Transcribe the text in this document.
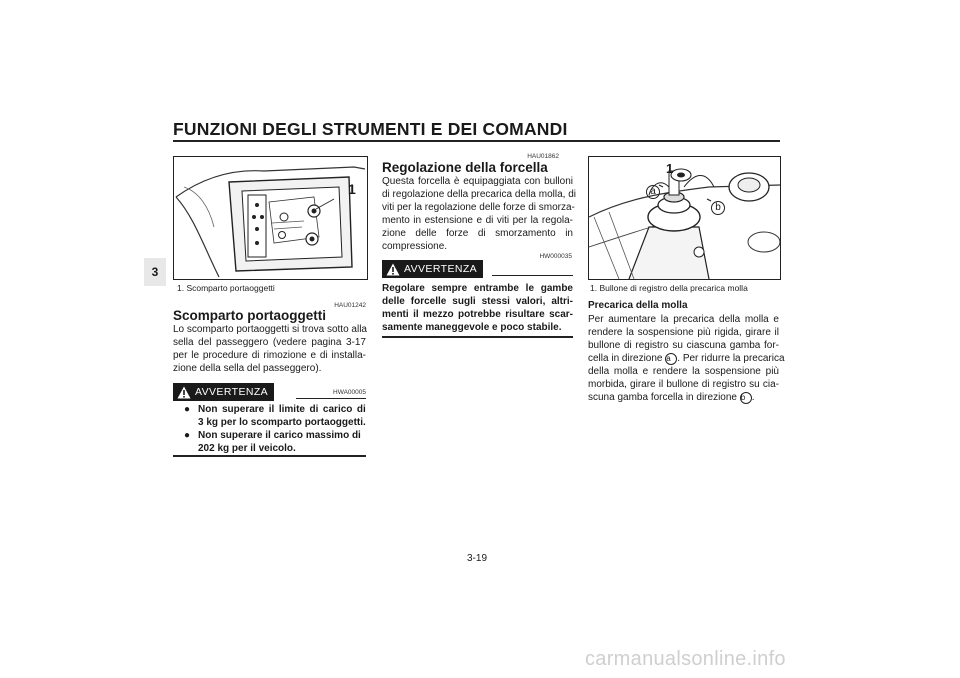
FUNZIONI DEGLI STRUMENTI E DEI COMANDI
3
1
1. Scomparto portaoggetti
HAU01242
Scomparto portaoggetti
Lo scomparto portaoggetti si trova sotto alla
sella del passeggero (vedere pagina 3-17
per le procedure di rimozione e di installa-
zione della sella del passeggero).
AVVERTENZA	HWA00005
● Non superare il limite di carico di
3 kg per lo scomparto portaoggetti.
● Non superare il carico massimo di
202 kg per il veicolo.
HAU01862
Regolazione della forcella
Questa forcella è equipaggiata con bulloni
di regolazione della precarica della molla, di
viti per la regolazione delle forze di smorza-
mento in estensione e di viti per la regola-
zione delle forze di smorzamento in
compressione.
HW000035
AVVERTENZA
Regolare sempre entrambe le gambe
delle forcelle sugli stessi valori, altri-
menti il mezzo potrebbe risultare scar-
samente maneggevole e poco stabile.
1
a
b
1. Bullone di registro della precarica molla
Precarica della molla
Per aumentare la precarica della molla e
rendere la sospensione più rigida, girare il
bullone di registro su ciascuna gamba for-
cella in direzione a . Per ridurre la precarica
della molla e rendere la sospensione più
morbida, girare il bullone di registro su cia-
scuna gamba forcella in direzione b .
3-19
carmanualsonline.info
